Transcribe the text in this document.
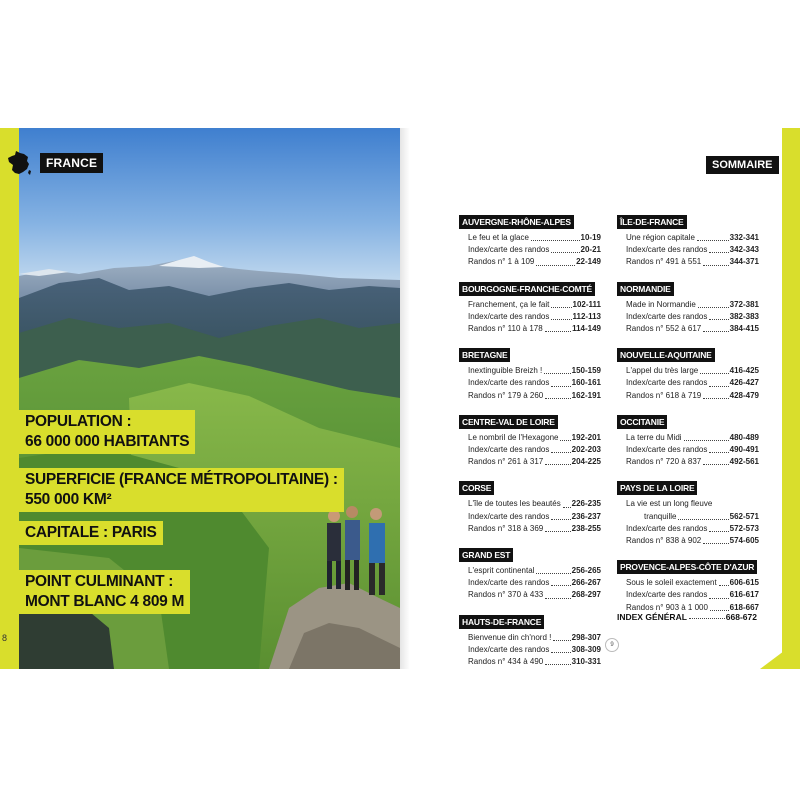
FRANCE
POPULATION :
66 000 000 HABITANTS
SUPERFICIE (FRANCE MÉTROPOLITAINE) :
550 000 KM²
CAPITALE : PARIS
POINT CULMINANT :
MONT BLANC 4 809 M
8
SOMMAIRE
AUVERGNE-RHÔNE-ALPES
Le feu et la glace	10-19
Index/carte des randos	20-21
Randos n° 1 à 109	22-149
BOURGOGNE-FRANCHE-COMTÉ
Franchement, ça le fait	102-111
Index/carte des randos	112-113
Randos n° 110 à 178	114-149
BRETAGNE
Inextinguible Breizh !	150-159
Index/carte des randos	160-161
Randos n° 179 à 260	162-191
CENTRE-VAL DE LOIRE
Le nombril de l'Hexagone 192-201
Index/carte des randos	202-203
Randos n° 261 à 317	204-225
CORSE
L'île de toutes les beautés 226-235
Index/carte des randos	236-237
Randos n° 318 à 369	238-255
GRAND EST
L'esprit continental	256-265
Index/carte des randos	266-267
Randos n° 370 à 433	268-297
HAUTS-DE-FRANCE
Bienvenue din ch'nord !	298-307
Index/carte des randos	308-309
Randos n° 434 à 490	310-331
ÎLE-DE-FRANCE
Une région capitale	332-341
Index/carte des randos	342-343
Randos n° 491 à 551	344-371
NORMANDIE
Made in Normandie	372-381
Index/carte des randos	382-383
Randos n° 552 à 617	384-415
NOUVELLE-AQUITAINE
L'appel du très large	416-425
Index/carte des randos	426-427
Randos n° 618 à 719	428-479
OCCITANIE
La terre du Midi	480-489
Index/carte des randos	490-491
Randos n° 720 à 837	492-561
PAYS DE LA LOIRE
La vie est un long fleuve
tranquille	562-571
Index/carte des randos	572-573
Randos n° 838 à 902	574-605
PROVENCE-ALPES-CÔTE D'AZUR
Sous le soleil exactement 606-615
Index/carte des randos	616-617
Randos n° 903 à 1 000	618-667
INDEX GÉNÉRAL	668-672
9
